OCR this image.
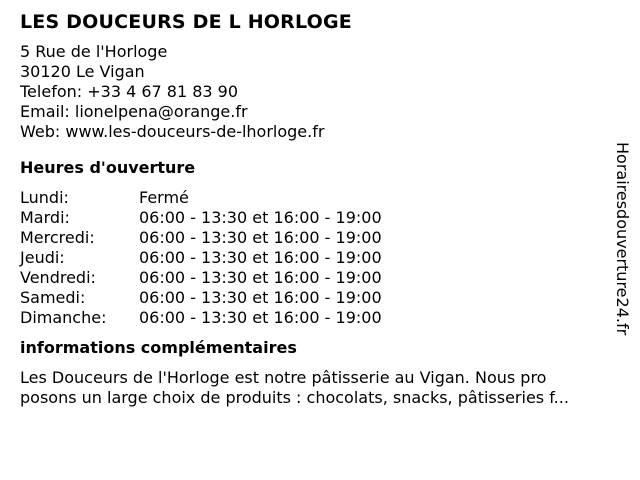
LES DOUCEURS DE L HORLOGE
5 Rue de l'Horloge
30120 Le Vigan
Telefon: +33 4 67 81 83 90
Email: lionelpena@orange.fr
Web: www.les-douceurs-de-lhorloge.fr
Heures d'ouverture
Lundi:	Fermé
Mardi:	06:00 - 13:30 et 16:00 - 19:00
Mercredi:	06:00 - 13:30 et 16:00 - 19:00
Jeudi:	06:00 - 13:30 et 16:00 - 19:00
Vendredi:	06:00 - 13:30 et 16:00 - 19:00
Samedi:	06:00 - 13:30 et 16:00 - 19:00
Dimanche:	06:00 - 13:30 et 16:00 - 19:00
informations complémentaires
Les Douceurs de l'Horloge est notre pâtisserie au Vigan. Nous pro
posons un large choix de produits : chocolats, snacks, pâtisseries f...
Horairesdouverture24.fr
